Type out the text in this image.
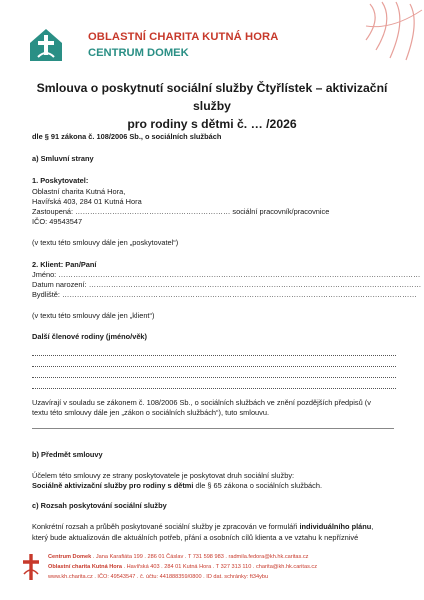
OBLASTNÍ CHARITA KUTNÁ HORA
CENTRUM DOMEK
Smlouva o poskytnutí sociální služby Čtyřlístek – aktivizační služby
pro rodiny s dětmi č. … /2026
dle § 91 zákona č. 108/2006 Sb., o sociálních službách
a) Smluvní strany
1. Poskytovatel:
Oblastní charita Kutná Hora,
Havířská 403, 284 01 Kutná Hora
Zastoupená: ……………………………………………………… sociální pracovník/pracovnice
IČO: 49543547
(v textu této smlouvy dále jen „poskytovatel“)
2. Klient: Pan/Paní
Jméno: …………………………………………………………………………………………………………………………………
Datum narození: ………………………………………………………………………………………………………………………
Bydliště: ………………………………………………………………………………………………………………………………
(v textu této smlouvy dále jen „klient“)
Další členové rodiny (jméno/věk)
Uzavírají v souladu se zákonem č. 108/2006 Sb., o sociálních službách ve znění pozdějších předpisů (v
textu této smlouvy dále jen „zákon o sociálních službách“), tuto smlouvu.
b) Předmět smlouvy
Účelem této smlouvy ze strany poskytovatele je poskytovat druh sociální služby:
Sociálně aktivizační služby pro rodiny s dětmi dle § 65 zákona o sociálních službách.
c) Rozsah poskytování sociální služby
Konkrétní rozsah a průběh poskytované sociální služby je zpracován ve formuláři individuálního plánu,
který bude aktualizován dle aktuálních potřeb, přání a osobních cílů klienta a ve vztahu k nepříznivé
Centrum Domek . Jana Karafiáta 199 . 286 01 Čáslav . T 731 598 983 . radmila.fedora@kh.hk.caritas.cz
Oblastní charita Kutná Hora . Havířská 403 . 284 01 Kutná Hora . T 327 313 110 . charita@kh.hk.caritas.cz
www.kh.charita.cz . IČO: 49543547 . č. účtu: 441888359/0800 . ID dat. schránky: ft34ybu
